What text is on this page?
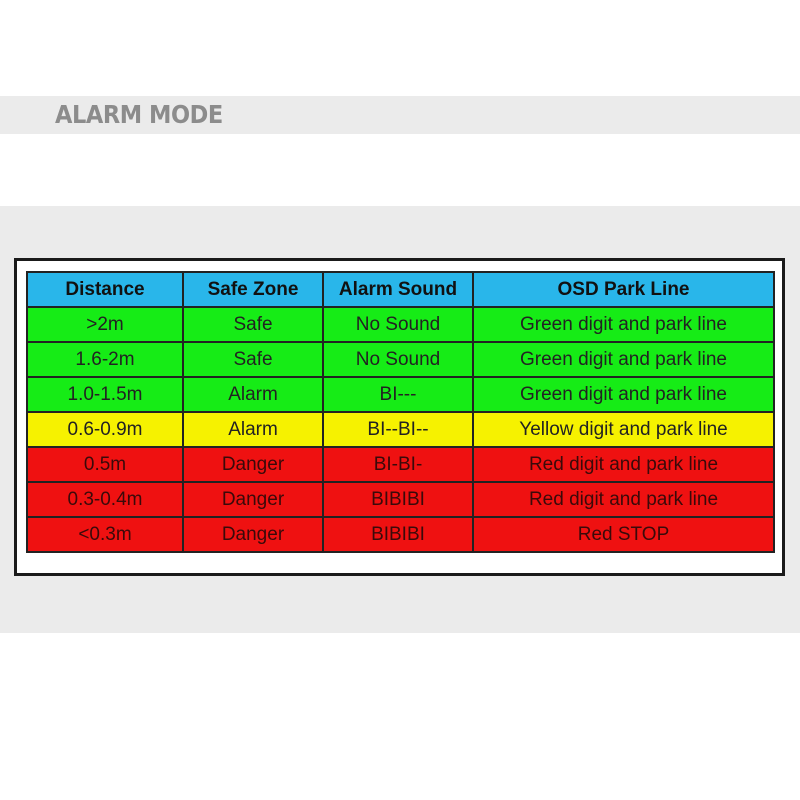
ALARM MODE
Distance	Safe Zone	Alarm Sound	OSD Park Line
>2m	Safe	No Sound	Green digit and park line
1.6-2m	Safe	No Sound	Green digit and park line
1.0-1.5m	Alarm	BI---	Green digit and park line
0.6-0.9m	Alarm	BI--BI--	Yellow digit and park line
0.5m	Danger	BI-BI-	Red digit and park line
0.3-0.4m	Danger	BIBIBI	Red digit and park line
<0.3m	Danger	BIBIBI	Red STOP
